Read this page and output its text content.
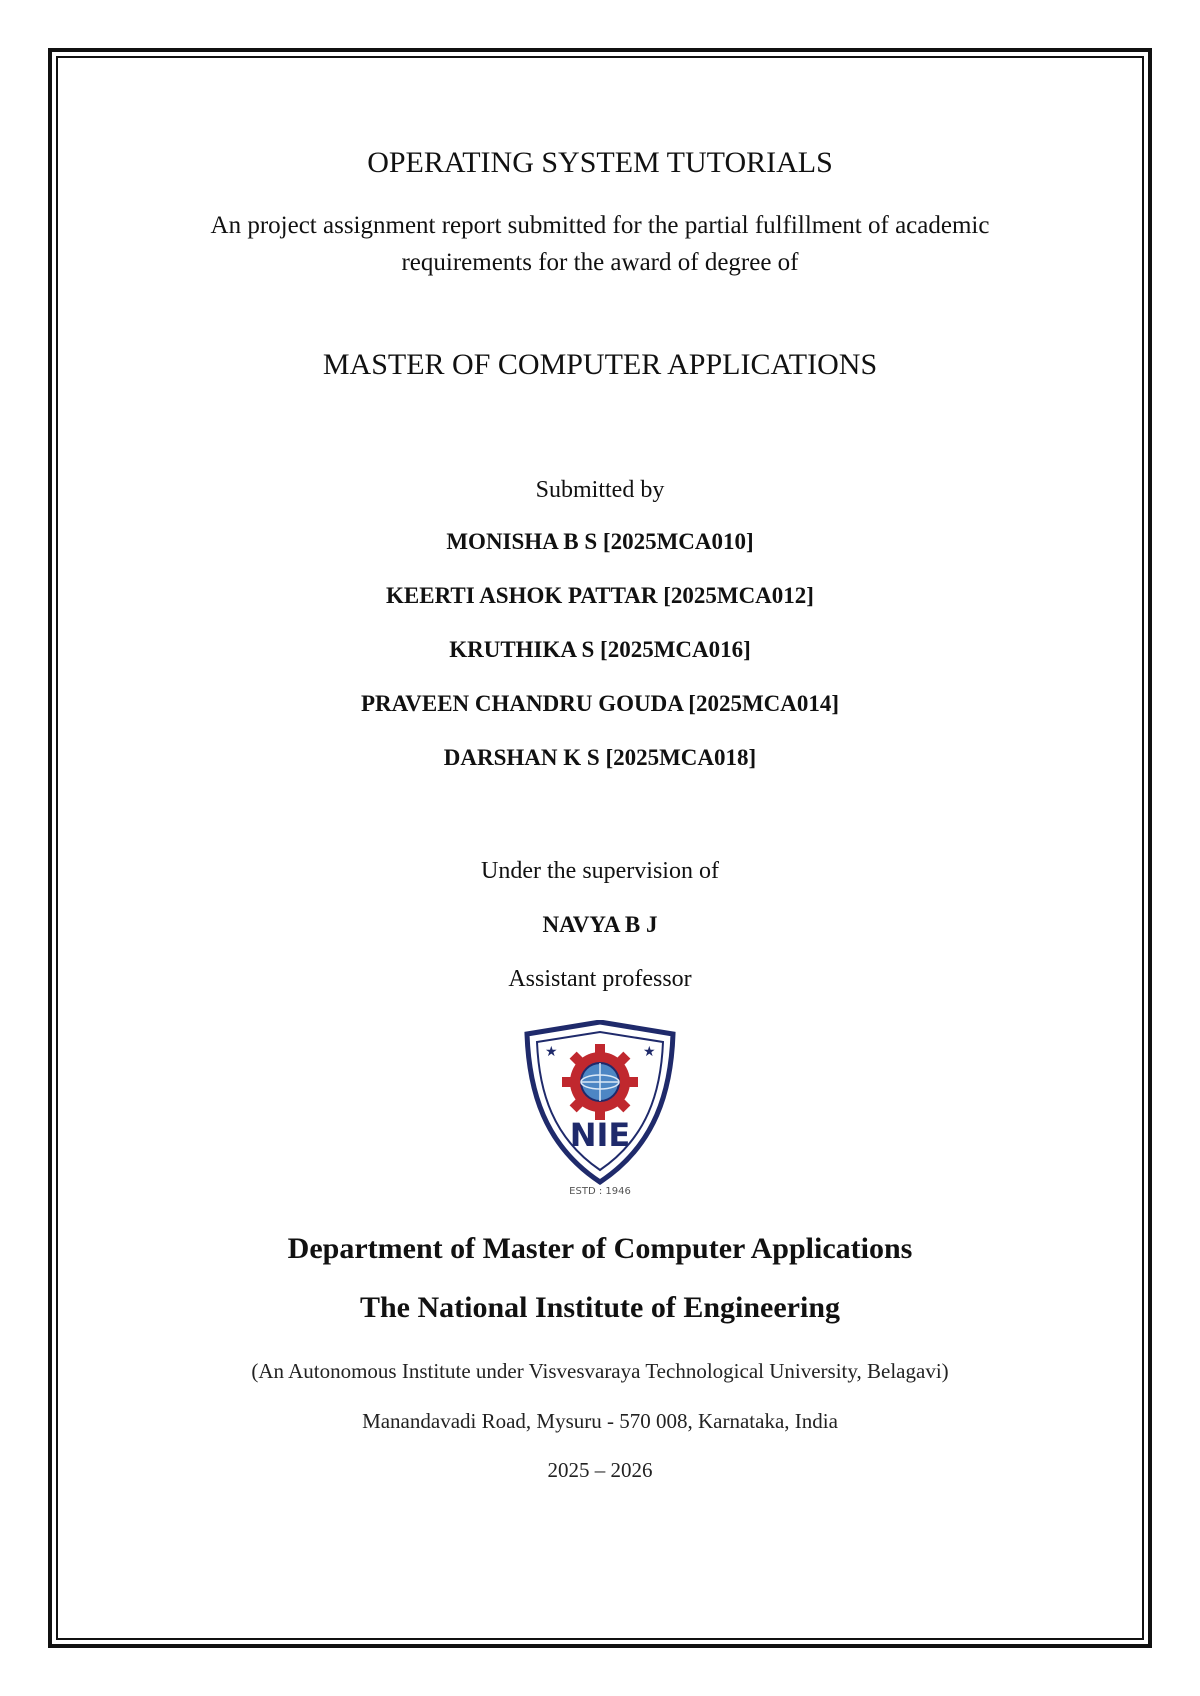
OPERATING SYSTEM TUTORIALS
An project assignment report submitted for the partial fulfillment of academic
requirements for the award of degree of
MASTER OF COMPUTER APPLICATIONS
Submitted by
MONISHA B S [2025MCA010]
KEERTI ASHOK PATTAR [2025MCA012]
KRUTHIKA S [2025MCA016]
PRAVEEN CHANDRU GOUDA [2025MCA014]
DARSHAN K S [2025MCA018]
Under the supervision of
NAVYA B J
Assistant professor
★	★
NIE
ESTD : 1946
Department of Master of Computer Applications
The National Institute of Engineering
(An Autonomous Institute under Visvesvaraya Technological University, Belagavi)
Manandavadi Road, Mysuru - 570 008, Karnataka, India
2025 – 2026
